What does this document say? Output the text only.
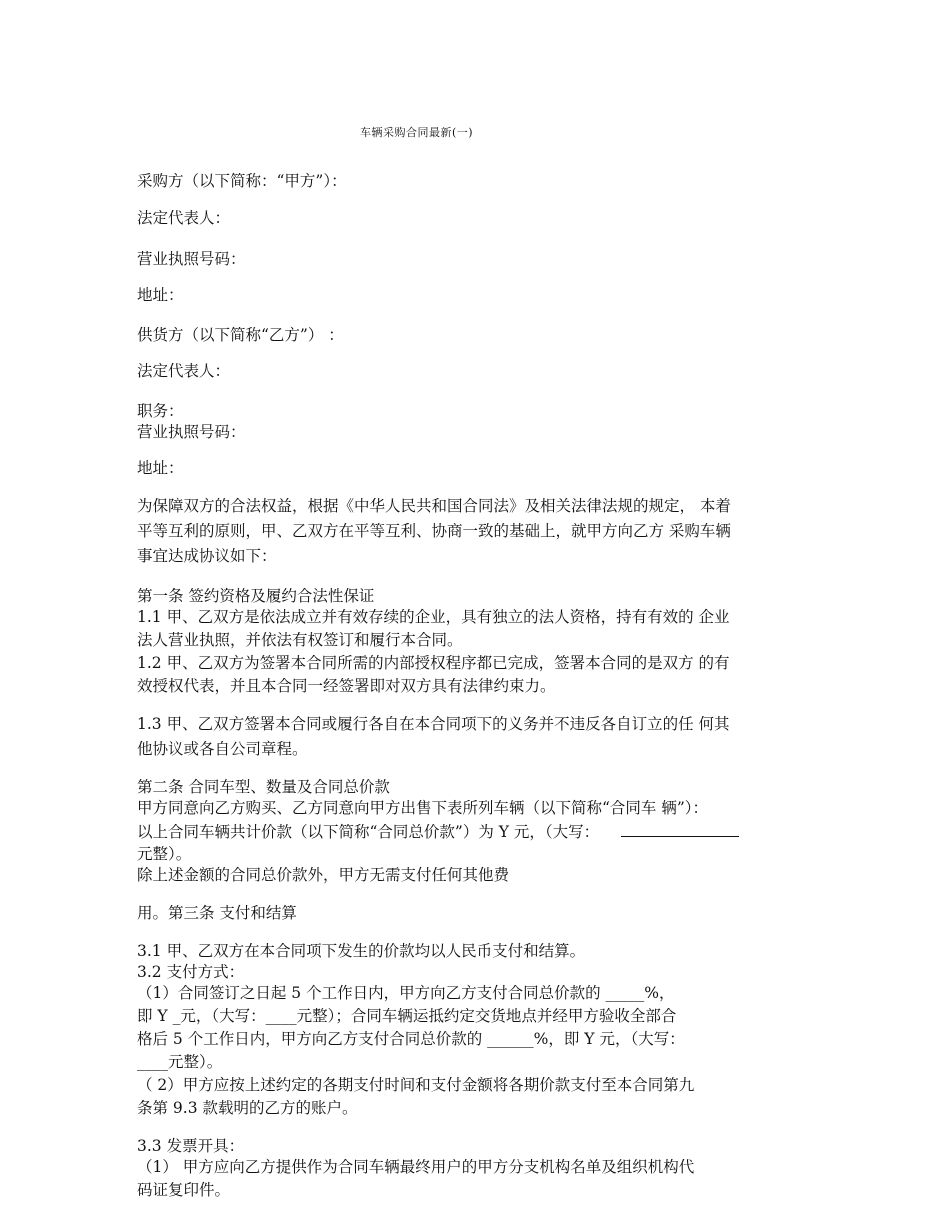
车辆采购合同最新(一)
采购方（以下简称：“甲方”）：
法定代表人：
营业执照号码：
地址：
供货方（以下简称“乙方”） ：
法定代表人：
职务：
营业执照号码：
地址：
为保障双方的合法权益，根据《中华人民共和国合同法》及相关法律法规的规定， 本着
平等互利的原则，甲、乙双方在平等互利、协商一致的基础上，就甲方向乙方 采购车辆
事宜达成协议如下：
第一条 签约资格及履约合法性保证
1.1 甲、乙双方是依法成立并有效存续的企业，具有独立的法人资格，持有有效的 企业
法人营业执照，并依法有权签订和履行本合同。
1.2 甲、乙双方为签署本合同所需的内部授权程序都已完成，签署本合同的是双方 的有
效授权代表，并且本合同一经签署即对双方具有法律约束力。
1.3 甲、乙双方签署本合同或履行各自在本合同项下的义务并不违反各自订立的任 何其
他协议或各自公司章程。
第二条 合同车型、数量及合同总价款
甲方同意向乙方购买、乙方同意向甲方出售下表所列车辆（以下简称“合同车 辆”）：
以上合同车辆共计价款（以下简称“合同总价款”）为 Y 元，（大写：
元整）。
除上述金额的合同总价款外，甲方无需支付任何其他费
用。第三条 支付和结算
3.1 甲、乙双方在本合同项下发生的价款均以人民币支付和结算。
3.2 支付方式：
（1）合同签订之日起 5 个工作日内，甲方向乙方支付合同总价款的 _____%，
即 Y _元，（大写：____元整）；合同车辆运抵约定交货地点并经甲方验收全部合
格后 5 个工作日内，甲方向乙方支付合同总价款的 ______%，即 Y 元，（大写：
____元整）。
（ 2）甲方应按上述约定的各期支付时间和支付金额将各期价款支付至本合同第九
条第 9.3 款载明的乙方的账户。
3.3 发票开具：
（1） 甲方应向乙方提供作为合同车辆最终用户的甲方分支机构名单及组织机构代
码证复印件。
